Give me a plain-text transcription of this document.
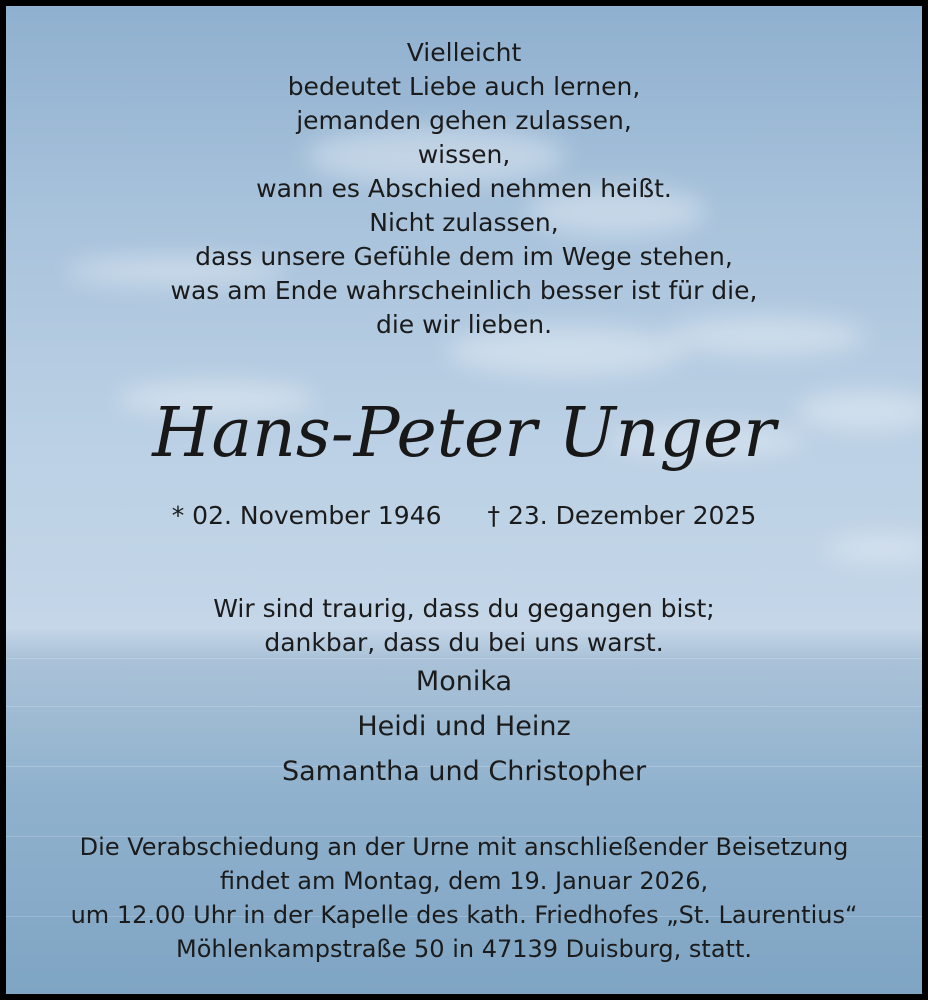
Vielleicht
bedeutet Liebe auch lernen,
jemanden gehen zulassen,
wissen,
wann es Abschied nehmen heißt.
Nicht zulassen,
dass unsere Gefühle dem im Wege stehen,
was am Ende wahrscheinlich besser ist für die,
die wir lieben.
Hans-Peter Unger
* 02. November 1946 † 23. Dezember 2025
Wir sind traurig, dass du gegangen bist;
dankbar, dass du bei uns warst.
Monika
Heidi und Heinz
Samantha und Christopher
Die Verabschiedung an der Urne mit anschließender Beisetzung
findet am Montag, dem 19. Januar 2026,
um 12.00 Uhr in der Kapelle des kath. Friedhofes „St. Laurentius“
Möhlenkampstraße 50 in 47139 Duisburg, statt.
